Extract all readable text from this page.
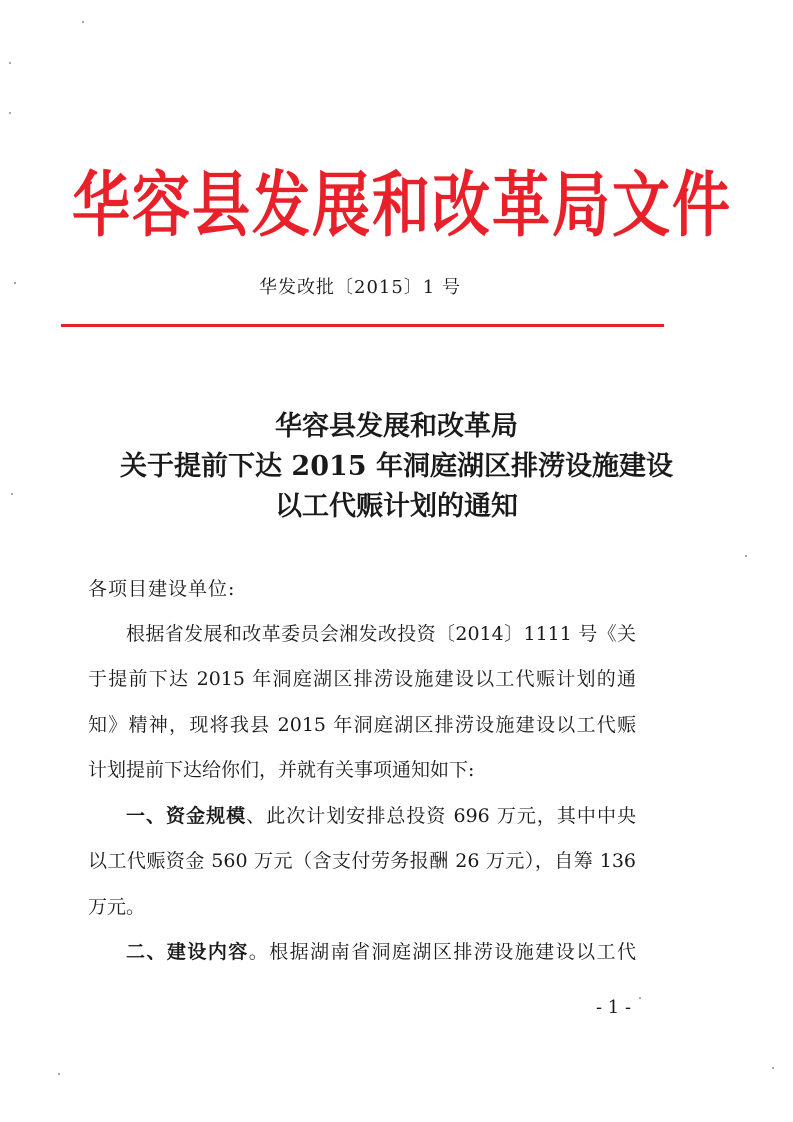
华容县发展和改革局文件
华发改批〔2015〕1 号
华容县发展和改革局
关于提前下达 2015 年洞庭湖区排涝设施建设
以工代赈计划的通知
各项目建设单位:
根据省发展和改革委员会湘发改投资〔2014〕1111 号《关
于提前下达 2015 年洞庭湖区排涝设施建设以工代赈计划的通
知》精神，现将我县 2015 年洞庭湖区排涝设施建设以工代赈
计划提前下达给你们，并就有关事项通知如下:
一、资金规模、此次计划安排总投资 696 万元，其中中央
以工代赈资金 560 万元（含支付劳务报酬 26 万元），自筹 136
万元。
二、建设内容。根据湖南省洞庭湖区排涝设施建设以工代
- 1 -
